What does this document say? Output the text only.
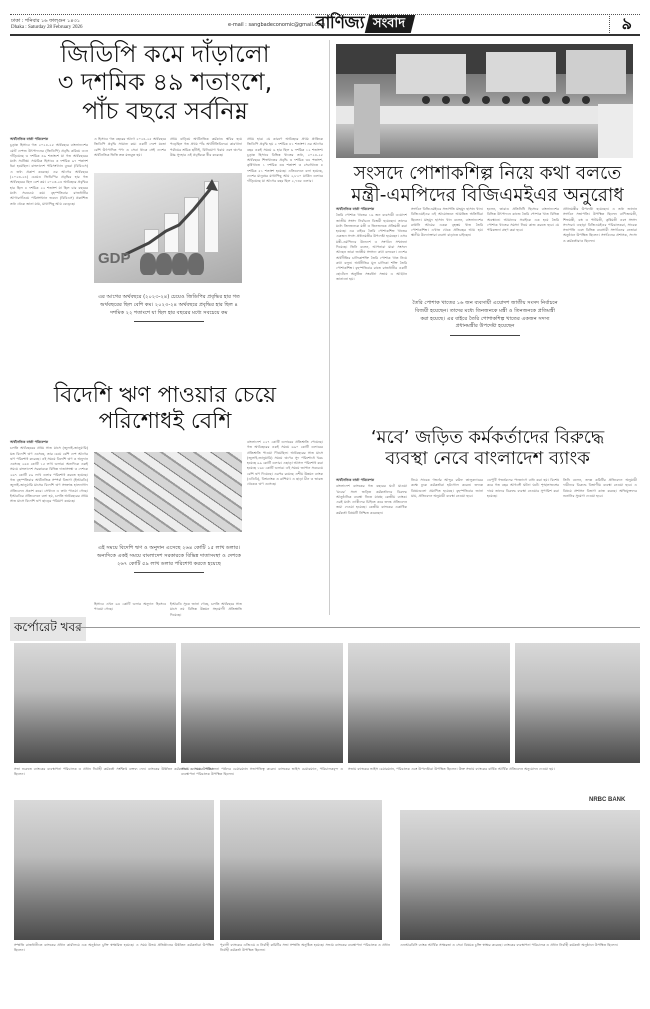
ঢাকা : শনিবার ১৬ ফাল্গুন ১৪৩১
Dhaka : Saturday 28 February 2026	e-mail : sangbadeconomic@gmail.com
বাণিজ্য সংবাদ	৯
জিডিপি কমে দাঁড়ালো
৩ দশমিক ৪৯ শতাংশে,
পাঁচ বছরে সর্বনিম্ন
অর্থনৈতিক বার্তা পরিবেশক
চূড়ান্ত হিসাবে গত ২০২৪-২৫ অর্থবছরে বাংলাদেশের মোট দেশজ উৎপাদনের (জিডিপি) প্রবৃদ্ধি কমিয়ে এনে দাঁড়িয়েছে ৩ দশমিক ৪৯ শতাংশে যা গত অর্থবছরের মধ্যে সর্বনিম্ন। সাময়িক হিসাবে ৩ দশমিক ৯৭ শতাংশ ধরা হয়েছিল। বাংলাদেশ পরিসংখ্যান ব্যুরো (বিবিএস) এ তথ্য প্রকাশ করেছে। এর আগের অর্থবছরে (২০২৩-২৪) চেয়েও জিডিপির প্রবৃদ্ধির হার গত অর্থবছরের ছিল বেশ কম। ২০২৩-২৪ অর্থবছরে প্রবৃদ্ধির হার ছিল ৪ দশমিক ২২ শতাংশ যা ছিল চার বছরের মধ্যে সবচেয়ে কম। বৃহস্পতিবার রাজধানীর আগারগাঁওয়ে পরিসংখ্যান ভবনে (বিবিএস) প্রকাশিত তথ্য থেকে জানা যায়, মাথাপিছু আয় বেড়েছে।
এ হিসাবে গত বছরের আগে ২০২৪-২৫ অর্থবছরে জিডিপি প্রবৃদ্ধি সামান্য কম। একটি দেশে যতো বেশি উৎপাদিত পণ্য ও সেবা থাকে সেই দেশের অর্থনৈতিক ভিত্তি তত মজবুত হয়।
প্রথম বাড়িয়ে অর্থনৈতিক কর্মকাণ্ড স্থবির হয়ে পড়েছিল গত প্রথম পাঁচ অর্থনীতিবিদের। কারখানা পর্যায়ের শ্রমিক ছাঁটাই, বিনিয়োগ খরায় এবং ঋণের উচ্চ সুদহার এই প্রবৃদ্ধিকে ধীর করেছে।
প্রথম হার। যে কারণে অর্থবছরে প্রথম প্রান্তিকে জিডিপি প্রবৃদ্ধি হয় ২ দশমিক ৪১ শতাংশ। এর আগের বছর একই সময়ে ৬ হার ছিল ৬ দশমিক ১২ শতাংশ। চূড়ান্ত হিসাবে বিভিন্ন খাতের তথ্য, ২০২৪-২৫ অর্থবছরে শিল্পখাতের প্রবৃদ্ধি ৩ দশমিক ৩৪ শতাংশ, কৃষিখাতে ১ দশমিক ৩৩ শতাংশ ও সেবাখাতে ৪ দশমিক ৫১ শতাংশ হয়েছে। এতিবেদনে বলা হয়েছে, দেশের মানুষের মাথাপিছু আয় ২,৮২০ মার্কিন ডলারে দাঁড়িয়েছে যা আগের বছর ছিল ২,৭৩৮ ডলার।
GDP
এর আগের অর্থবছরে (২০২৩-২৪) চেয়েও জিডিপির প্রবৃদ্ধির হার গত অর্থবছরের ছিল বেশি কম। ২০২৩-২৪ অর্থবছরে প্রবৃদ্ধির হার ছিল ৪ দশমিক ২২ শতাংশে যা ছিল হার বছরের মধ্যে সবচেয়ে কম
সংসদে পোশাকশিল্প নিয়ে কথা বলতে
মন্ত্রী-এমপিদের বিজিএমইএর অনুরোধ
অর্থনৈতিক বার্তা পরিবেশক
তৈরি পোশাক খাতের ১৬ জন ব্যবসায়ী এয়োদশ জাতীয় সংসদ নির্বাচনে বিজয়ী হয়েছেন। তাদের মধ্যে তিনজনকে মন্ত্রী ও তিনজনকে প্রতিমন্ত্রী করা হয়েছে। এর বাইরে তৈরি পোশাকশিল্প খাতের একজন সদস্য প্রধানমন্ত্রীর উপদেষ্টা হয়েছেন। এসব মন্ত্রী-এমপিদের উদ্দেশে এ সংগঠন সম্মাননা দিয়েছে। তিনি বলেন, আপনারা যারা সংসদে আছেন তারা জাতীয় সংসদে কথা বলবেন। দেশের অর্থনীতির চালিকাশক্তি তৈরি পোশাক খাত নিয়ে কথা বলুন। অর্থনীতির মূল চালিকা শক্তি তৈরি পোশাকশিল্প। বৃহস্পতিবার রাতে রাজধানীর একটি হোটেলে অনুষ্ঠিত সংবর্ধনা সভায় এ আহ্বান জানানো হয়।
সংগঠন বিজিএমইএর সভাপতি মাহমুদ হাসান খান। বিজিএমইএর এই আয়োজনে আমন্ত্রিত অতিথিরা ছিলেন। মাহমুদ হাসান খান বলেন, বাংলাদেশের রপ্তানি আয়ের একক বৃহত্তম খাত তৈরি পোশাকশিল্প। এখাত থেকে প্রতিবছর আয় হয়। স্থানীয় উদ্যোক্তারা ব্যবসা বাড়াতে চাইছেন।
হলেন, তারাও প্রতিনিধি হিসেবে বাংলাদেশের বিভিন্ন উৎপাদনে কাজে তৈরি পোশাক খাত বিভিন্ন অবস্থানে। আমাদের সবাইকে এক হয়ে তৈরি পোশাক খাতের সমস্যা নিয়ে কাজ করতে হবে। যে পরিকল্পনা গ্রহণ করা হবে।
প্রধানমন্ত্রীর উপদেষ্টা হয়েছেন। এ তথ্য জানান সংগঠন সভাপতি। উপস্থিত ছিলেন বাণিজ্যমন্ত্রী, শিল্পমন্ত্রী, বস্ত্র ও পাটমন্ত্রী, কৃষিমন্ত্রী এবং সংসদ সদস্যরা। এছাড়া বিজিএমইএর পরিচালকরা, সাবেক সভাপতি এবং বিভিন্ন ব্যবসায়ী সংগঠনের নেতারা অনুষ্ঠানে উপস্থিত ছিলেন। সংগঠনের প্রশাসক, সদস্য ও কর্মকর্তারাও ছিলেন।
তৈরি পোশাক খাতের ১৬ জন ব্যবসায়ী এয়োদশ জাতীয় সংসদ নির্বাচনে বিজয়ী হয়েছেন। তাদের মধ্যে তিনজনকে মন্ত্রী ও তিনজনকে প্রতিমন্ত্রী করা হয়েছে। এর বাইরে তৈরি পোশাকশিল্প খাতের একজন সদস্য প্রধানমন্ত্রীর উপদেষ্টা হয়েছেন
বিদেশি ঋণ পাওয়ার চেয়ে
পরিশোধই বেশি
অর্থনৈতিক বার্তা পরিবেশক
চলতি অর্থবছরের প্রথম সাত মাসে (জুলাই-জানুয়ারি) যত বিদেশি ঋণ এসেছে, তার চেয়ে বেশি দেশ আগের ঋণ পরিশোধ করেছে। এই সময়ে বিদেশি ঋণ ও অনুদান এসেছে ২৬৪ কোটি ১৫ লাখ ডলার। অন্যদিকে একই সময়ে বাংলাদেশ সরকারকে বিভিন্ন দাতাসংস্থা ও দেশকে ২৬৭ কোটি ৫৯ লাখ ডলার পরিশোধ করতে হয়েছে। গত বৃহস্পতিবার অর্থনৈতিক সম্পর্ক বিভাগ (ইআরডি) জুলাই-জানুয়ারি মাসের বিদেশি ঋণ সংক্রান্ত হালনাগাদ প্রতিবেদন প্রকাশ করে। সেখানে এ তথ্য পাওয়া গেছে। ইআরডির প্রতিবেদনে বলা হয়, চলতি অর্থবছরের প্রথম সাত মাসে বিদেশি ঋণ ছাড়ের পরিমাণ কমেছে।
এই সময়ে বিদেশি ঋণ ও অনুদান এসেছে ২৬৪ কোটি ১৫ লাখ ডলার। অন্যদিকে একই সময়ে বাংলাদেশ সরকারকে বিভিন্ন দাতাসংস্থা ও দেশকে ২৬৭ কোটি ৫৯ লাখ ডলার পরিশোধ করতে হয়েছে
হিসাবে এখন ৬৪ কোটি ডলার অনুদান হিসেবে পাওয়া গেছে।
ইআরডি সূত্রে জানা গেছে, চলতি অর্থবছরে সাত মাসে নয় বিভিন্ন উন্নয়ন সহযোগী প্রতিশ্রুতি দিয়েছে।
বাংলাদেশ ২২৭ কোটি ডলারের প্রতিশ্রুতি পেয়েছে। গত অর্থবছরের একই সময়ে ৬৯০ কোটি ডলারের প্রতিশ্রুতি পাওয়া গিয়েছিল। অর্থবছরের সাত মাসে (জুলাই-জানুয়ারি) সময়ে ঋণের সুদ পরিশোধে খরচ হয়েছে ৯৯ কোটি ডলার। এছাড়া আসল পরিশোধ করা হয়েছে ১৬৮ কোটি ডলার। এই সময়ে জাপান সবচেয়ে বেশি ঋণ দিয়েছে। এরপর রয়েছে এশীয় উন্নয়ন ব্যাংক (এডিবি), বিশ্বব্যাংক ও রাশিয়া। এ ছাড়া চীন ও ভারত থেকেও ঋণ এসেছে।
‘মবে’ জড়িত কর্মকর্তাদের বিরুদ্ধে
ব্যবস্থা নেবে বাংলাদেশ ব্যাংক
অর্থনৈতিক বার্তা পরিবেশক
বাংলাদেশ ব্যাংকের গত বছরের ঘটে যাওয়া ‘মবের’ সঙ্গে জড়িত কর্মকর্তাদের বিরুদ্ধে আনুষ্ঠানিক ব্যবস্থা নিতে যাচ্ছে কেন্দ্রীয় ব্যাংক। এরই মধ্যে দোষীদের চিহ্নিত করে তদন্ত প্রতিবেদন জমা দেওয়া হয়েছে। কেন্দ্রীয় ব্যাংকের একাধিক কর্মকর্তা বিষয়টি নিশ্চিত করেছেন।
নিয়ে সাবেক গভর্নর আব্দুর রউফ তালুকদারের কক্ষে ঢুকে কর্মকর্তারা হট্টগোল করেন। তদন্তে বিষয়গুলো প্রমাণিত হয়েছে। বৃহস্পতিবার জানা যায়, প্রতিবেদন অনুযায়ী ব্যবস্থা নেওয়া হবে।
ডেপুটি গভর্নরদের পদত্যাগে বাধ্য করা হয়। বিশেষ করে গত বছর আগস্টে ঘটনা ঘটে। শৃঙ্খলাভঙ্গের দায়ে তাদের বিরুদ্ধে ব্যবস্থা নেওয়ার সুপারিশ করা হয়েছে।
তিনি বলেন, তদন্ত কমিটির প্রতিবেদন অনুযায়ী দায়ীদের বিরুদ্ধে বিভাগীয় ব্যবস্থা নেওয়া হবে। এ বিষয়ে প্রশাসন বিভাগ কাজ করছে। অভিযুক্তদের শুনানির সুযোগ দেওয়া হবে।
কর্পোরেট খবর
সভা শুরুতে ব্যাংকের ব্যবস্থাপনা পরিচালক ও প্রধান নির্বাহী কর্মকর্তা সংক্ষিপ্ত বক্তব্য দেন। ব্যাংকের উর্ধ্বতন কর্মকর্তারা এ সময় উপস্থিত ছিলেন।
সভায় ব্যাংকের পরিচালনা পর্ষদের চেয়ারম্যান সভাপতিত্ব করেন। ব্যাংকের ভাইস চেয়ারম্যান, পরিচালকবৃন্দ ও ব্যবস্থাপনা পরিচালক উপস্থিত ছিলেন।
সভায় ব্যাংকের ভাইস চেয়ারম্যান, পরিচালক এবং উপদেষ্টারা উপস্থিত ছিলেন। উক্ত সভায় ব্যাংকের বার্ষিক আর্থিক প্রতিবেদন অনুমোদন দেওয়া হয়।
NRBC BANK
সম্প্রতি রাজধানীতে ব্যাংকের প্রধান কার্যালয়ে এক অনুষ্ঠানে চুক্তি স্বাক্ষরিত হয়েছে। এ সময় উভয় প্রতিষ্ঠানের উর্ধ্বতন কর্মকর্তারা উপস্থিত ছিলেন।
পূবালী ব্যাংকের এজিএম ও নির্বাহী কমিটির সভা সম্প্রতি অনুষ্ঠিত হয়েছে। সভায় ব্যাংকের ব্যবস্থাপনা পরিচালক ও প্রধান নির্বাহী কর্মকর্তা উপস্থিত ছিলেন।
এনআরবিসি ব্যাংক আর্থিক সাক্ষরতা ও সেবা বিষয়ক চুক্তি স্বাক্ষর করেছে। ব্যাংকের ব্যবস্থাপনা পরিচালক ও প্রধান নির্বাহী কর্মকর্তা অনুষ্ঠানে উপস্থিত ছিলেন।
